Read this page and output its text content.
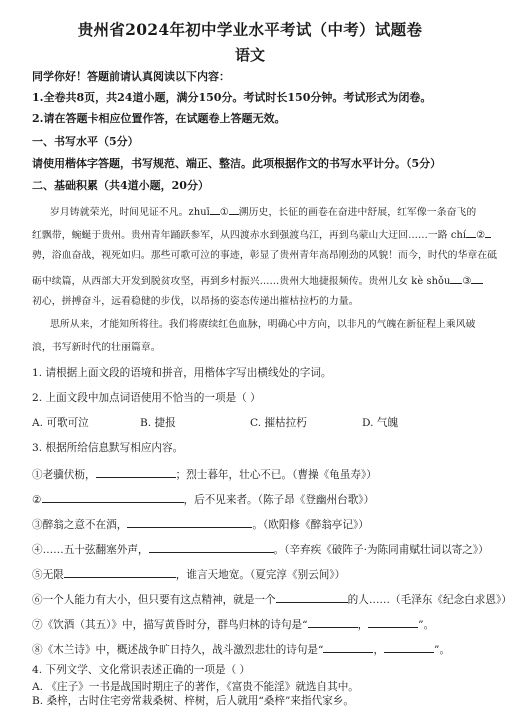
贵州省2024年初中学业水平考试（中考）试题卷
语文
同学你好！答题前请认真阅读以下内容：
1.全卷共8页，共24道小题，满分150分。考试时长150分钟。考试形式为闭卷。
2.请在答题卡相应位置作答，在试题卷上答题无效。
一、书写水平（5分）
请使用楷体字答题，书写规范、端正、整洁。此项根据作文的书写水平计分。（5分）
二、基础积累（共4道小题，20分）
岁月铸就荣光，时间见证不凡。zhuī ① 溯历史，长征的画卷在奋进中舒展，红军像一条奋飞的
红飘带，蜿蜒于贵州。贵州青年踊跃参军，从四渡赤水到强渡乌江，再到乌蒙山大迂回……一路 chí ②
骋，浴血奋战，视死如归。那些可歌可泣的事迹，彰显了贵州青年高昂刚劲的风貌！而今，时代的华章在砥
砺中续篇，从西部大开发到脱贫攻坚，再到乡村振兴……贵州大地捷报频传。贵州儿女 kè shǒu ③
初心，拼搏奋斗，远看稳健的步伐，以昂扬的姿态传递出摧枯拉朽的力量。
思所从来，才能知所将往。我们将赓续红色血脉，明确心中方向，以非凡的气魄在新征程上乘风破
浪，书写新时代的壮丽篇章。
1. 请根据上面文段的语境和拼音，用楷体字写出横线处的字词。
2. 上面文段中加点词语使用不恰当的一项是（ ）
A. 可歌可泣	B. 捷报	C. 摧枯拉朽	D. 气魄
3. 根据所给信息默写相应内容。
①老骥伏枥，	；烈士暮年，壮心不已。（曹操《龟虽寿》）
②	，后不见来者。（陈子昂《登幽州台歌》）
③醉翁之意不在酒，	。（欧阳修《醉翁亭记》）
④……五十弦翻塞外声，	。（辛弃疾《破阵子·为陈同甫赋壮词以寄之》）
⑤无限	，谁言天地宽。（夏完淳《别云间》）
⑥一个人能力有大小，但只要有这点精神，就是一个	的人……（毛泽东《纪念白求恩》）
⑦《饮酒（其五）》中，描写黄昏时分，群鸟归林的诗句是“	，	”。
⑧《木兰诗》中，概述战争旷日持久，战斗激烈悲壮的诗句是“	，	”。
4. 下列文学、文化常识表述正确的一项是（ ）
A. 《庄子》一书是战国时期庄子的著作，《富贵不能淫》就选自其中。
B. 桑梓，古时住宅旁常栽桑树、梓树，后人就用“桑梓”来指代家乡。
